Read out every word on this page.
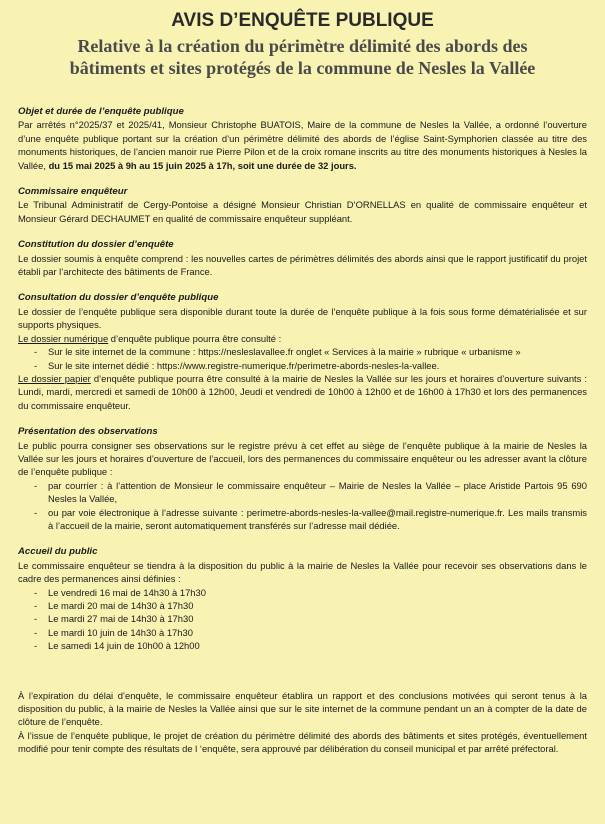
AVIS D’ENQUÊTE PUBLIQUE
Relative à la création du périmètre délimité des abords des
bâtiments et sites protégés de la commune de Nesles la Vallée
Objet et durée de l’enquête publique
Par arrêtés n°2025/37 et 2025/41, Monsieur Christophe BUATOIS, Maire de la commune de Nesles la Vallée, a ordonné l’ouverture d’une enquête publique portant sur la création d’un périmètre délimité des abords de l’église Saint-Symphorien classée au titre des monuments historiques, de l’ancien manoir rue Pierre Pilon et de la croix romane inscrits au titre des monuments historiques à Nesles la Vallée, du 15 mai 2025 à 9h au 15 juin 2025 à 17h, soit une durée de 32 jours.
Commissaire enquêteur
Le Tribunal Administratif de Cergy-Pontoise a désigné Monsieur Christian D’ORNELLAS en qualité de commissaire enquêteur et Monsieur Gérard DECHAUMET en qualité de commissaire enquêteur suppléant.
Constitution du dossier d’enquête
Le dossier soumis à enquête comprend : les nouvelles cartes de périmètres délimités des abords ainsi que le rapport justificatif du projet établi par l’architecte des bâtiments de France.
Consultation du dossier d’enquête publique
Le dossier de l’enquête publique sera disponible durant toute la durée de l’enquête publique à la fois sous forme dématérialisée et sur supports physiques.
Le dossier numérique d’enquête publique pourra être consulté :
- Sur le site internet de la commune : https://nesleslavallee.fr onglet « Services à la mairie » rubrique « urbanisme »
- Sur le site internet dédié : https://www.registre-numerique.fr/perimetre-abords-nesles-la-vallee.
Le dossier papier d’enquête publique pourra être consulté à la mairie de Nesles la Vallée sur les jours et horaires d’ouverture suivants : Lundi, mardi, mercredi et samedi de 10h00 à 12h00, Jeudi et vendredi de 10h00 à 12h00 et de 16h00 à 17h30 et lors des permanences du commissaire enquêteur.
Présentation des observations
Le public pourra consigner ses observations sur le registre prévu à cet effet au siège de l’enquête publique à la mairie de Nesles la Vallée sur les jours et horaires d’ouverture de l’accueil, lors des permanences du commissaire enquêteur ou les adresser avant la clôture de l’enquête publique :
- par courrier : à l’attention de Monsieur le commissaire enquêteur – Mairie de Nesles la Vallée – place Aristide Partois 95 690 Nesles la Vallée,
- ou par voie électronique à l’adresse suivante : perimetre-abords-nesles-la-vallee@mail.registre-numerique.fr. Les mails transmis à l’accueil de la mairie, seront automatiquement transférés sur l’adresse mail dédiée.
Accueil du public
Le commissaire enquêteur se tiendra à la disposition du public à la mairie de Nesles la Vallée pour recevoir ses observations dans le cadre des permanences ainsi définies :
- Le vendredi 16 mai de 14h30 à 17h30
- Le mardi 20 mai de 14h30 à 17h30
- Le mardi 27 mai de 14h30 à 17h30
- Le mardi 10 juin de 14h30 à 17h30
- Le samedi 14 juin de 10h00 à 12h00
À l’expiration du délai d’enquête, le commissaire enquêteur établira un rapport et des conclusions motivées qui seront tenus à la disposition du public, à la mairie de Nesles la Vallée ainsi que sur le site internet de la commune pendant un an à compter de la date de clôture de l’enquête.
À l’issue de l’enquête publique, le projet de création du périmètre délimité des abords des bâtiments et sites protégés, éventuellement modifié pour tenir compte des résultats de l ‘enquête, sera approuvé par délibération du conseil municipal et par arrêté préfectoral.
